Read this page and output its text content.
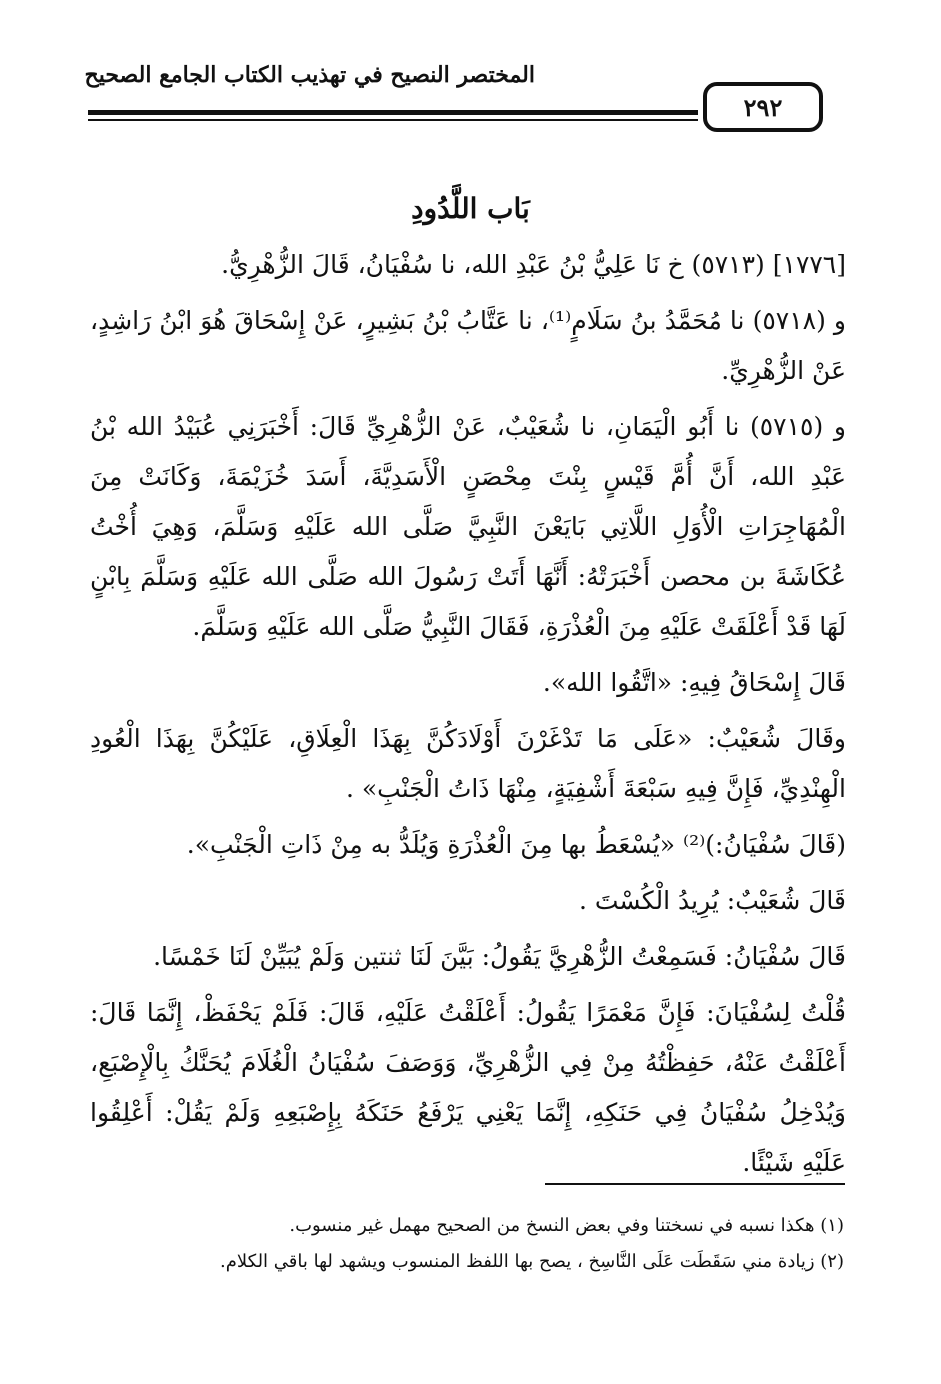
المختصر النصيح في تهذيب الكتاب الجامع الصحيح
٢٩٢
بَاب اللَّدُودِ

[١٧٧٦] (٥٧١٣) خ نَا عَلِيُّ بْنُ عَبْدِ الله، نا سُفْيَانُ، قَالَ الزُّهْرِيُّ.

و (٥٧١٨) نا مُحَمَّدُ بنُ سَلَامٍ⁽¹⁾، نا عَتَّابُ بْنُ بَشِيرٍ، عَنْ إِسْحَاقَ هُوَ ابْنُ رَاشِدٍ، عَنْ الزُّهْرِيِّ.

و (٥٧١٥) نا أَبُو الْيَمَانِ، نا شُعَيْبٌ، عَنْ الزُّهْرِيِّ قَالَ: أَخْبَرَنِي عُبَيْدُ الله بْنُ عَبْدِ الله، أَنَّ أُمَّ قَيْسٍ بِنْتَ مِحْصَنٍ الْأَسَدِيَّةَ، أَسَدَ خُزَيْمَةَ، وَكَانَتْ مِنَ الْمُهَاجِرَاتِ الْأُوَلِ اللَّاتِي بَايَعْنَ النَّبِيَّ صَلَّى الله عَلَيْهِ وَسَلَّمَ، وَهِيَ أُخْتُ عُكَاشَةَ بن محصن أَخْبَرَتْهُ: أَنَّهَا أَتَتْ رَسُولَ الله صَلَّى الله عَلَيْهِ وَسَلَّمَ بِابْنٍ لَهَا قَدْ أَعْلَقَتْ عَلَيْهِ مِنَ الْعُذْرَةِ، فَقَالَ النَّبِيُّ صَلَّى الله عَلَيْهِ وَسَلَّمَ.

قَالَ إِسْحَاقُ فِيهِ: «اتَّقُوا الله».

وقَالَ شُعَيْبٌ: «عَلَى مَا تَدْغَرْنَ أَوْلَادَكُنَّ بِهَذَا الْعِلَاقِ، عَلَيْكُنَّ بِهَذَا الْعُودِ الْهِنْدِيِّ، فَإِنَّ فِيهِ سَبْعَةَ أَشْفِيَةٍ، مِنْهَا ذَاتُ الْجَنْبِ» .

(قَالَ سُفْيَانُ:)⁽²⁾ «يُسْعَطُ بها مِنَ الْعُذْرَةِ وَيُلَدُّ به مِنْ ذَاتِ الْجَنْبِ».

قَالَ شُعَيْبٌ: يُرِيدُ الْكُسْتَ .

قَالَ سُفْيَانُ: فَسَمِعْتُ الزُّهْرِيَّ يَقُولُ: بَيَّنَ لَنَا ثنتين وَلَمْ يُبَيِّنْ لَنَا خَمْسًا.

قُلْتُ لِسُفْيَانَ: فَإِنَّ مَعْمَرًا يَقُولُ: أَعْلَقْتُ عَلَيْهِ، قَالَ: فَلَمْ يَحْفَظْ، إِنَّمَا قَالَ: أَعْلَقْتُ عَنْهُ، حَفِظْتُهُ مِنْ فِي الزُّهْرِيِّ، وَوَصَفَ سُفْيَانُ الْغُلَامَ يُحَنَّكُ بِالْإِصْبَعِ، وَيُدْخِلُ سُفْيَانُ فِي حَنَكِهِ، إِنَّمَا يَعْنِي يَرْفَعُ حَنَكَهُ بِإِصْبَعِهِ وَلَمْ يَقُلْ: أَعْلِقُوا عَلَيْهِ شَيْئًا.

(١) هكذا نسبه في نسختنا وفي بعض النسخ من الصحيح مهمل غير منسوب.

(٢) زيادة مني سَقَطَت عَلَى النَّاسِخ ، يصح بها اللفظ المنسوب ويشهد لها باقي الكلام.
